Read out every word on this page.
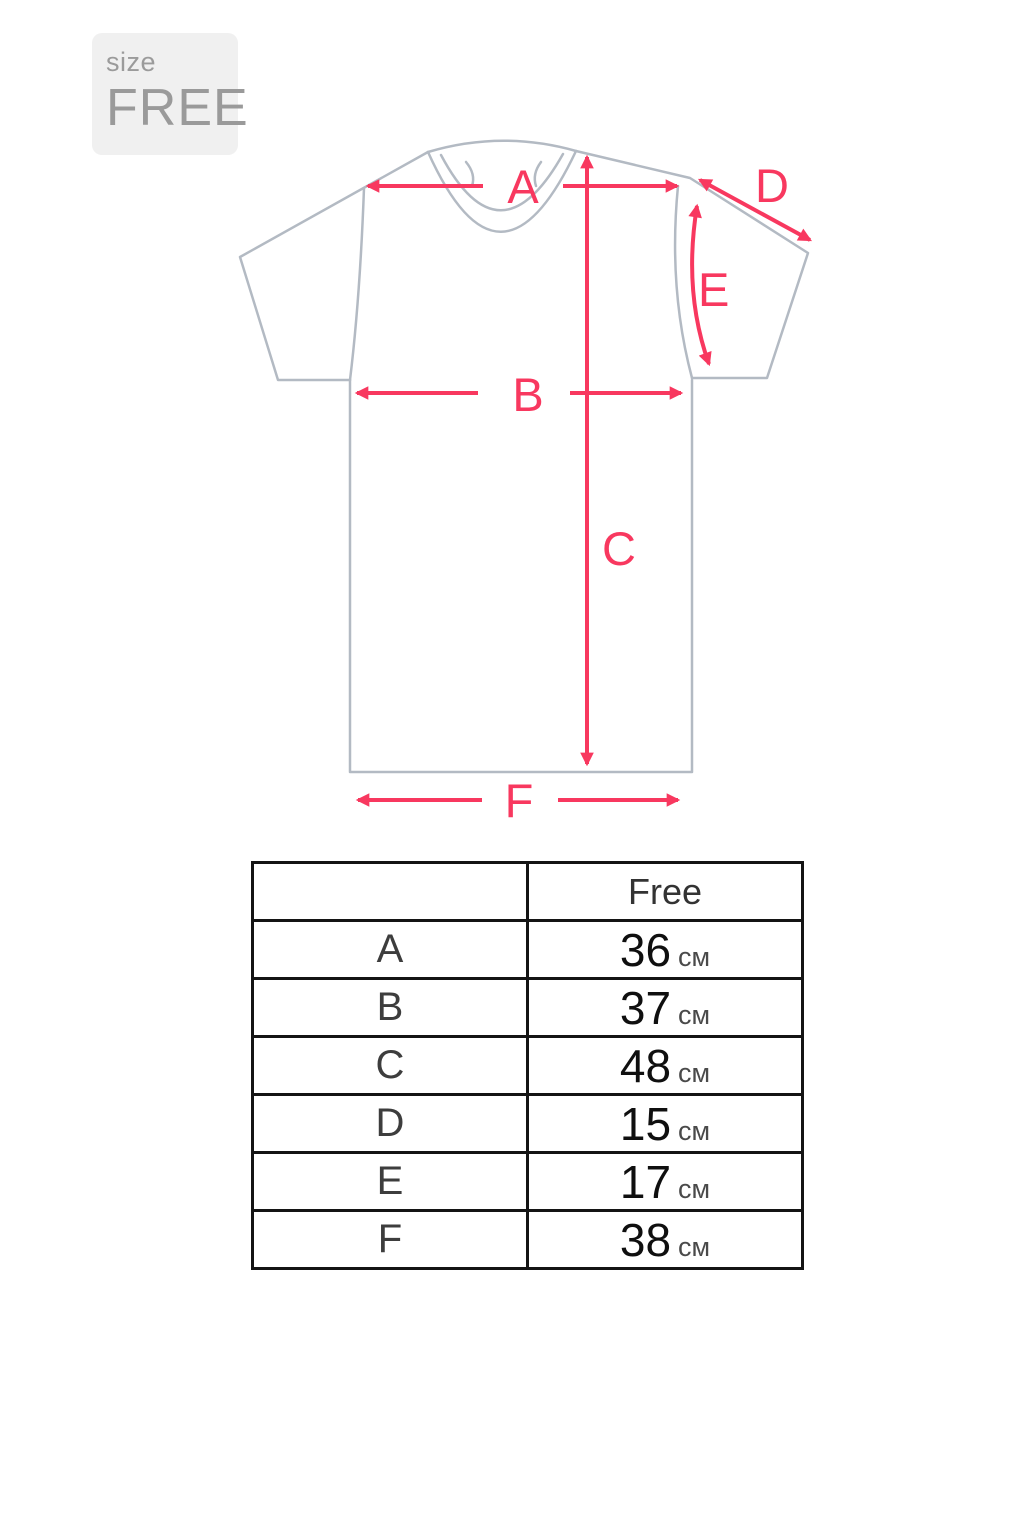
size
FREE
A
B
C
D
E
F
	Free
A	36 см
B	37 см
C	48 см
D	15 см
E	17 см
F	38 см
